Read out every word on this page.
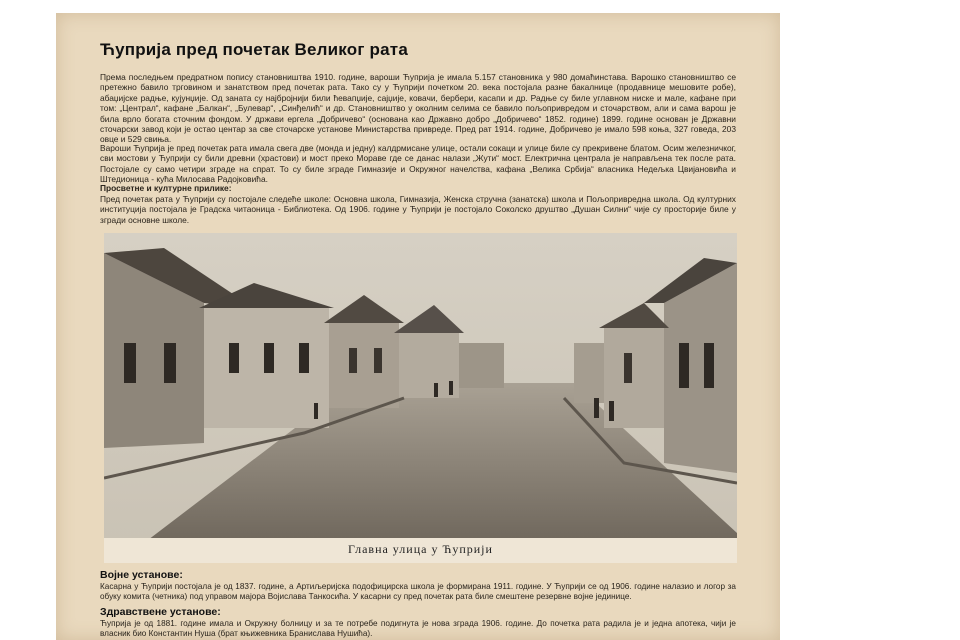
Ћуприја пред почетак Великог рата
Према последњем предратном попису становништва 1910. године, вароши Ћуприја је имала 5.157 становника у 980 домаћинстава. Варошко становништво се претежно бавило трговином и занатством пред почетак рата. Тако су у Ћуприји почетком 20. века постојала разне бакалнице (продавнице мешовите робе), абаџијске радње, кујунџије. Од заната су најбројнији били ћевапџије, сајџије, ковачи, бербери, касапи и др. Радње су биле углавном ниске и мале, кафане при том: „Централ“, кафане „Балкан“, „Булевар“, „Синђелић“ и др. Становништво у околним селима се бавило пољопривредом и сточарством, али и сама варош је била врло богата сточним фондом. У држави ергела „Добричево“ (основана као Државно добро „Добричево“ 1852. године) 1899. године основан је Државни сточарски завод који је остао центар за све сточарске установе Министарства привреде. Пред рат 1914. године, Добричево је имало 598 коња, 327 говеда, 203 овце и 529 свиња.
Вароши Ћуприја је пред почетак рата имала свега две (монда и једну) калдрмисане улице, остали сокаци и улице биле су прекривене блатом. Осим железничког, сви мостови у Ћуприји су били древни (храстови) и мост преко Мораве где се данас налази „Жути“ мост. Електрична централа је направљена тек после рата. Постојале су само четири зграде на спрат. То су биле зграде Гимназије и Окружног начелства, кафана „Велика Србија“ власника Недељка Цвијановића и Штедионица - кућа Милосава Радојковића.
Просветне и културне прилике:
Пред почетак рата у Ћуприји су постојале следеће школе: Основна школа, Гимназија, Женска стручна (занатска) школа и Пољопривредна школа. Од културних институција постојала је Градска читаоница - Библиотека. Од 1906. године у Ћуприји је постојало Соколско друштво „Душан Силни“ чије су просторије биле у згради основне школе.
Главна улица у Ћуприји
Војне установе:
Касарна у Ћуприји постојала је од 1837. године, а Артиљеријска подофицирска школа је формирана 1911. године. У Ћуприји се од 1906. године налазио и логор за обуку комита (четника) под управом мајора Војислава Танкосића. У касарни су пред почетак рата биле смештене резервне војне јединице.
Здравствене установе:
Ћуприја је од 1881. године имала и Окружну болницу и за те потребе подигнута је нова зграда 1906. године. До почетка рата радила је и једна апотека, чији је власник био Константин Нуша (брат књижевника Бранислава Нушића).
